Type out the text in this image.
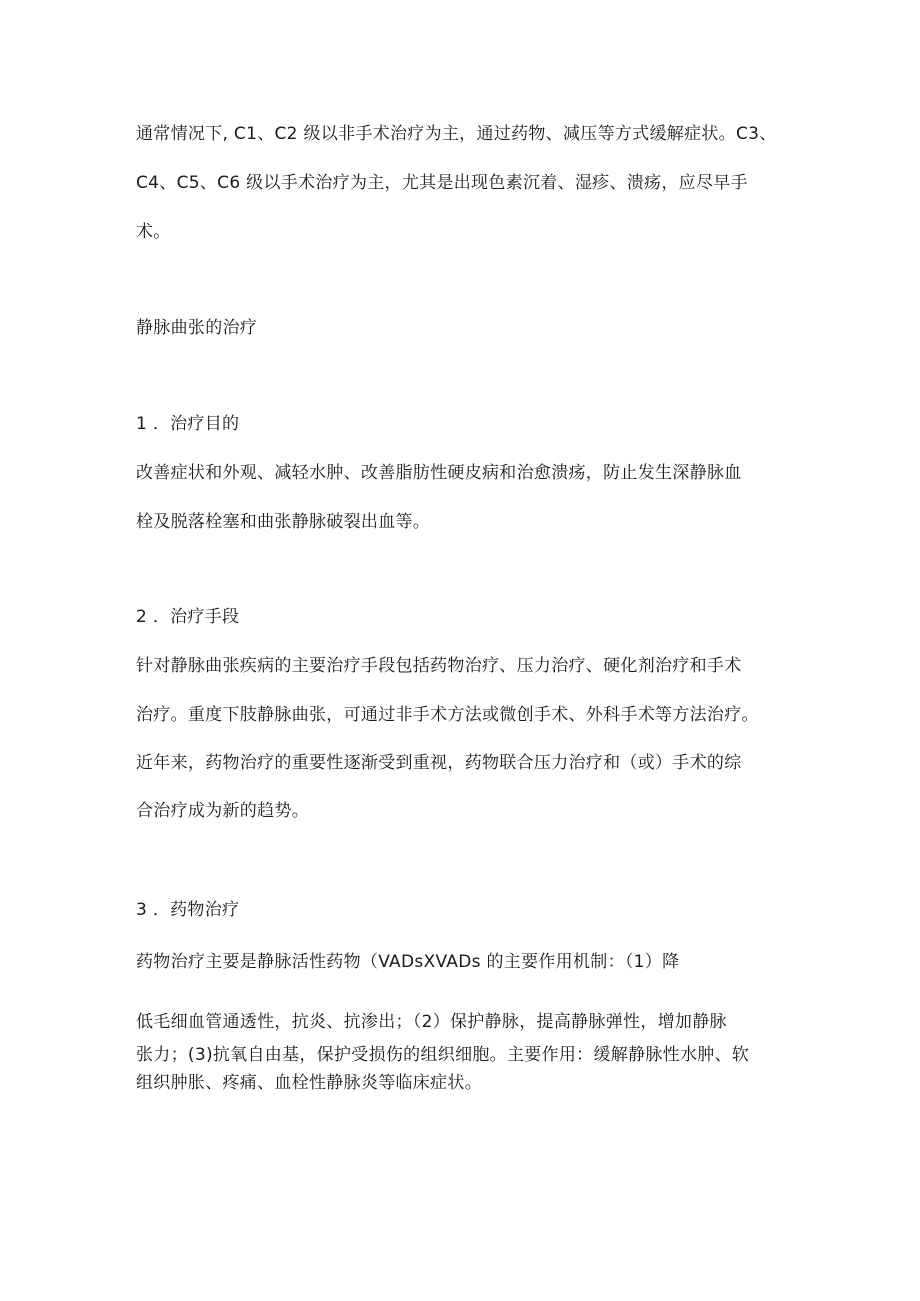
通常情况下, C1、C2 级以非手术治疗为主，通过药物、减压等方式缓解症状。C3、
C4、C5、C6 级以手术治疗为主，尤其是出现色素沉着、湿疹、溃疡，应尽早手
术。
静脉曲张的治疗
1 ．治疗目的
改善症状和外观、减轻水肿、改善脂肪性硬皮病和治愈溃疡，防止发生深静脉血
栓及脱落栓塞和曲张静脉破裂出血等。
2 ．治疗手段
针对静脉曲张疾病的主要治疗手段包括药物治疗、压力治疗、硬化剂治疗和手术
治疗。重度下肢静脉曲张，可通过非手术方法或微创手术、外科手术等方法治疗。
近年来，药物治疗的重要性逐渐受到重视，药物联合压力治疗和（或）手术的综
合治疗成为新的趋势。
3 ．药物治疗
药物治疗主要是静脉活性药物（VADsXVADs 的主要作用机制：（1）降
低毛细血管通透性，抗炎、抗渗出；（2）保护静脉，提高静脉弹性，增加静脉
张力；(3)抗氧自由基，保护受损伤的组织细胞。主要作用：缓解静脉性水肿、软
组织肿胀、疼痛、血栓性静脉炎等临床症状。
